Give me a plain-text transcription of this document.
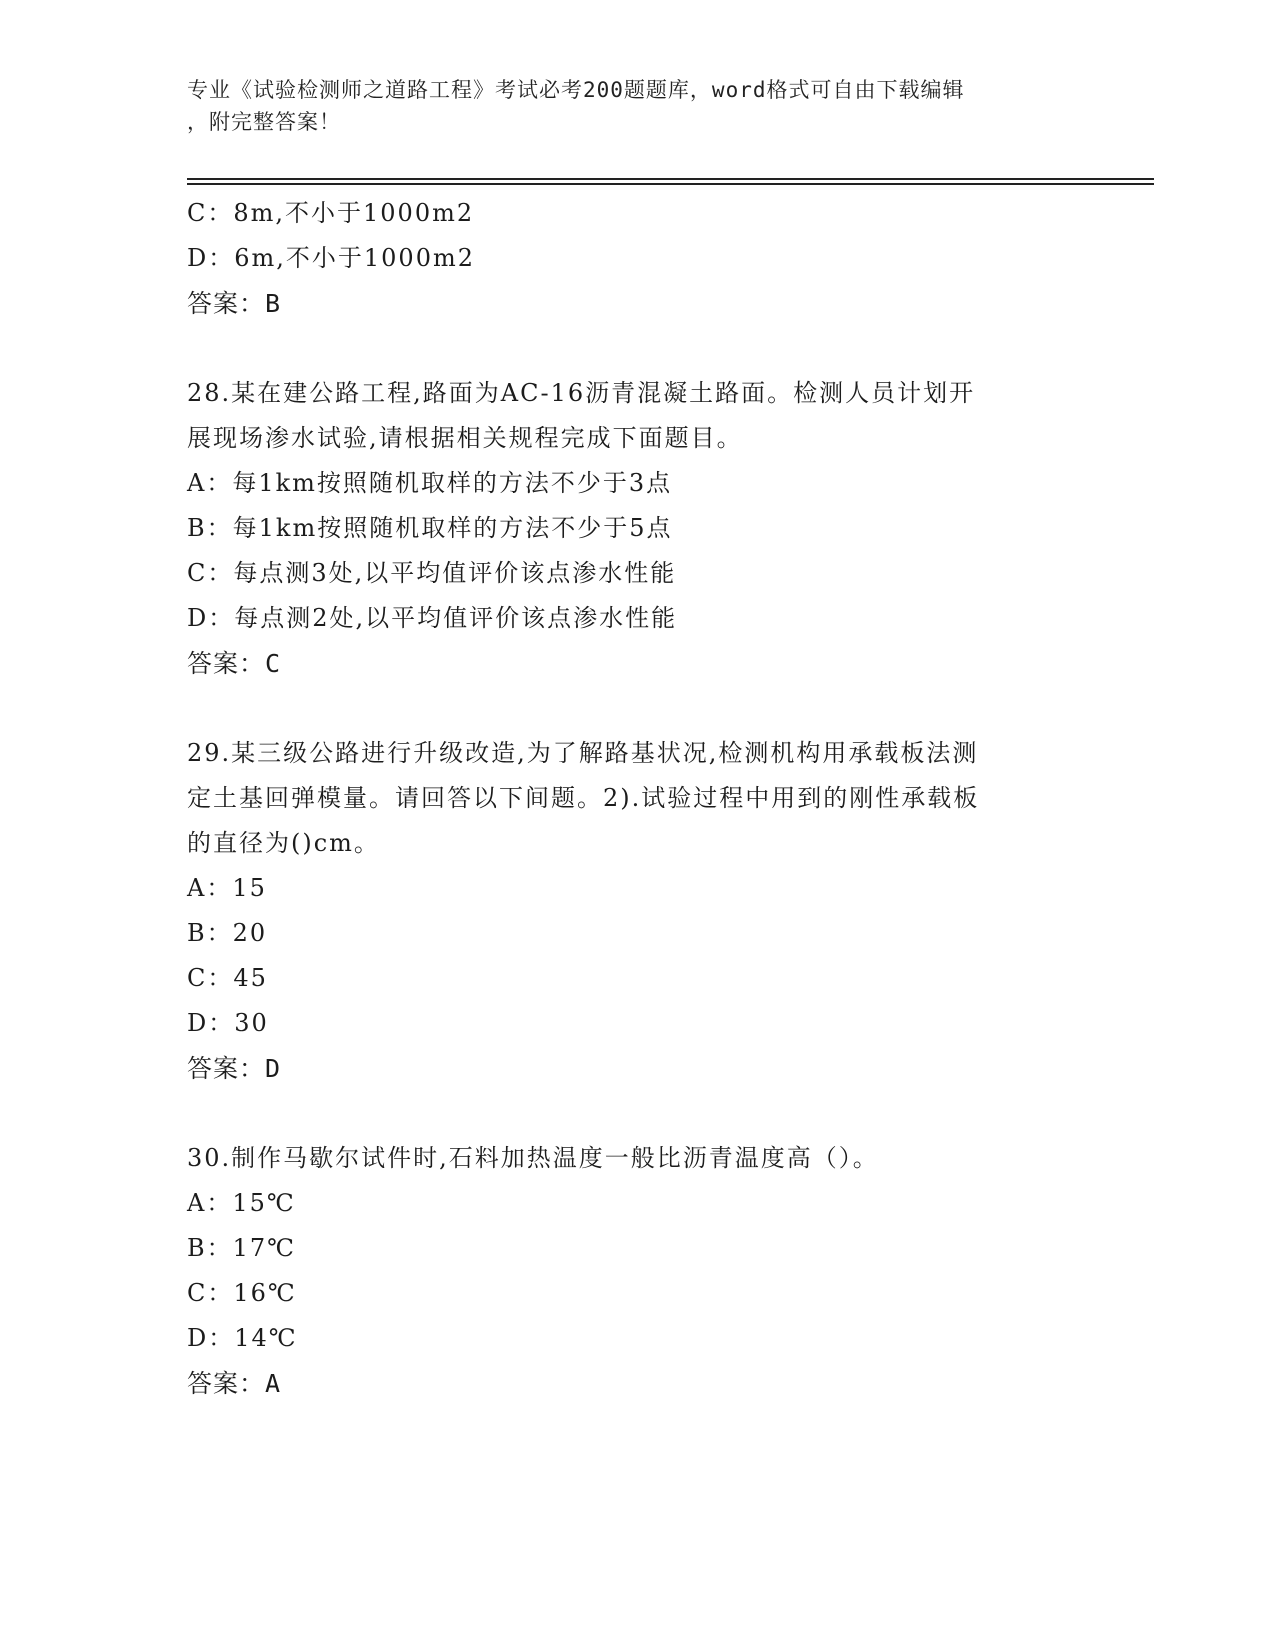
专业《试验检测师之道路工程》考试必考200题题库，word格式可自由下载编辑
，附完整答案！
C：8m,不小于1000m2
D：6m,不小于1000m2
答案：B
28.某在建公路工程,路面为AC-16沥青混凝土路面。检测人员计划开
展现场渗水试验,请根据相关规程完成下面题目。
A：每1km按照随机取样的方法不少于3点
B：每1km按照随机取样的方法不少于5点
C：每点测3处,以平均值评价该点渗水性能
D：每点测2处,以平均值评价该点渗水性能
答案：C
29.某三级公路进行升级改造,为了解路基状况,检测机构用承载板法测
定土基回弹模量。请回答以下间题。2).试验过程中用到的刚性承载板
的直径为()cm。
A：15
B：20
C：45
D：30
答案：D
30.制作马歇尔试件时,石料加热温度一般比沥青温度高（）。
A：15℃
B：17℃
C：16℃
D：14℃
答案：A
